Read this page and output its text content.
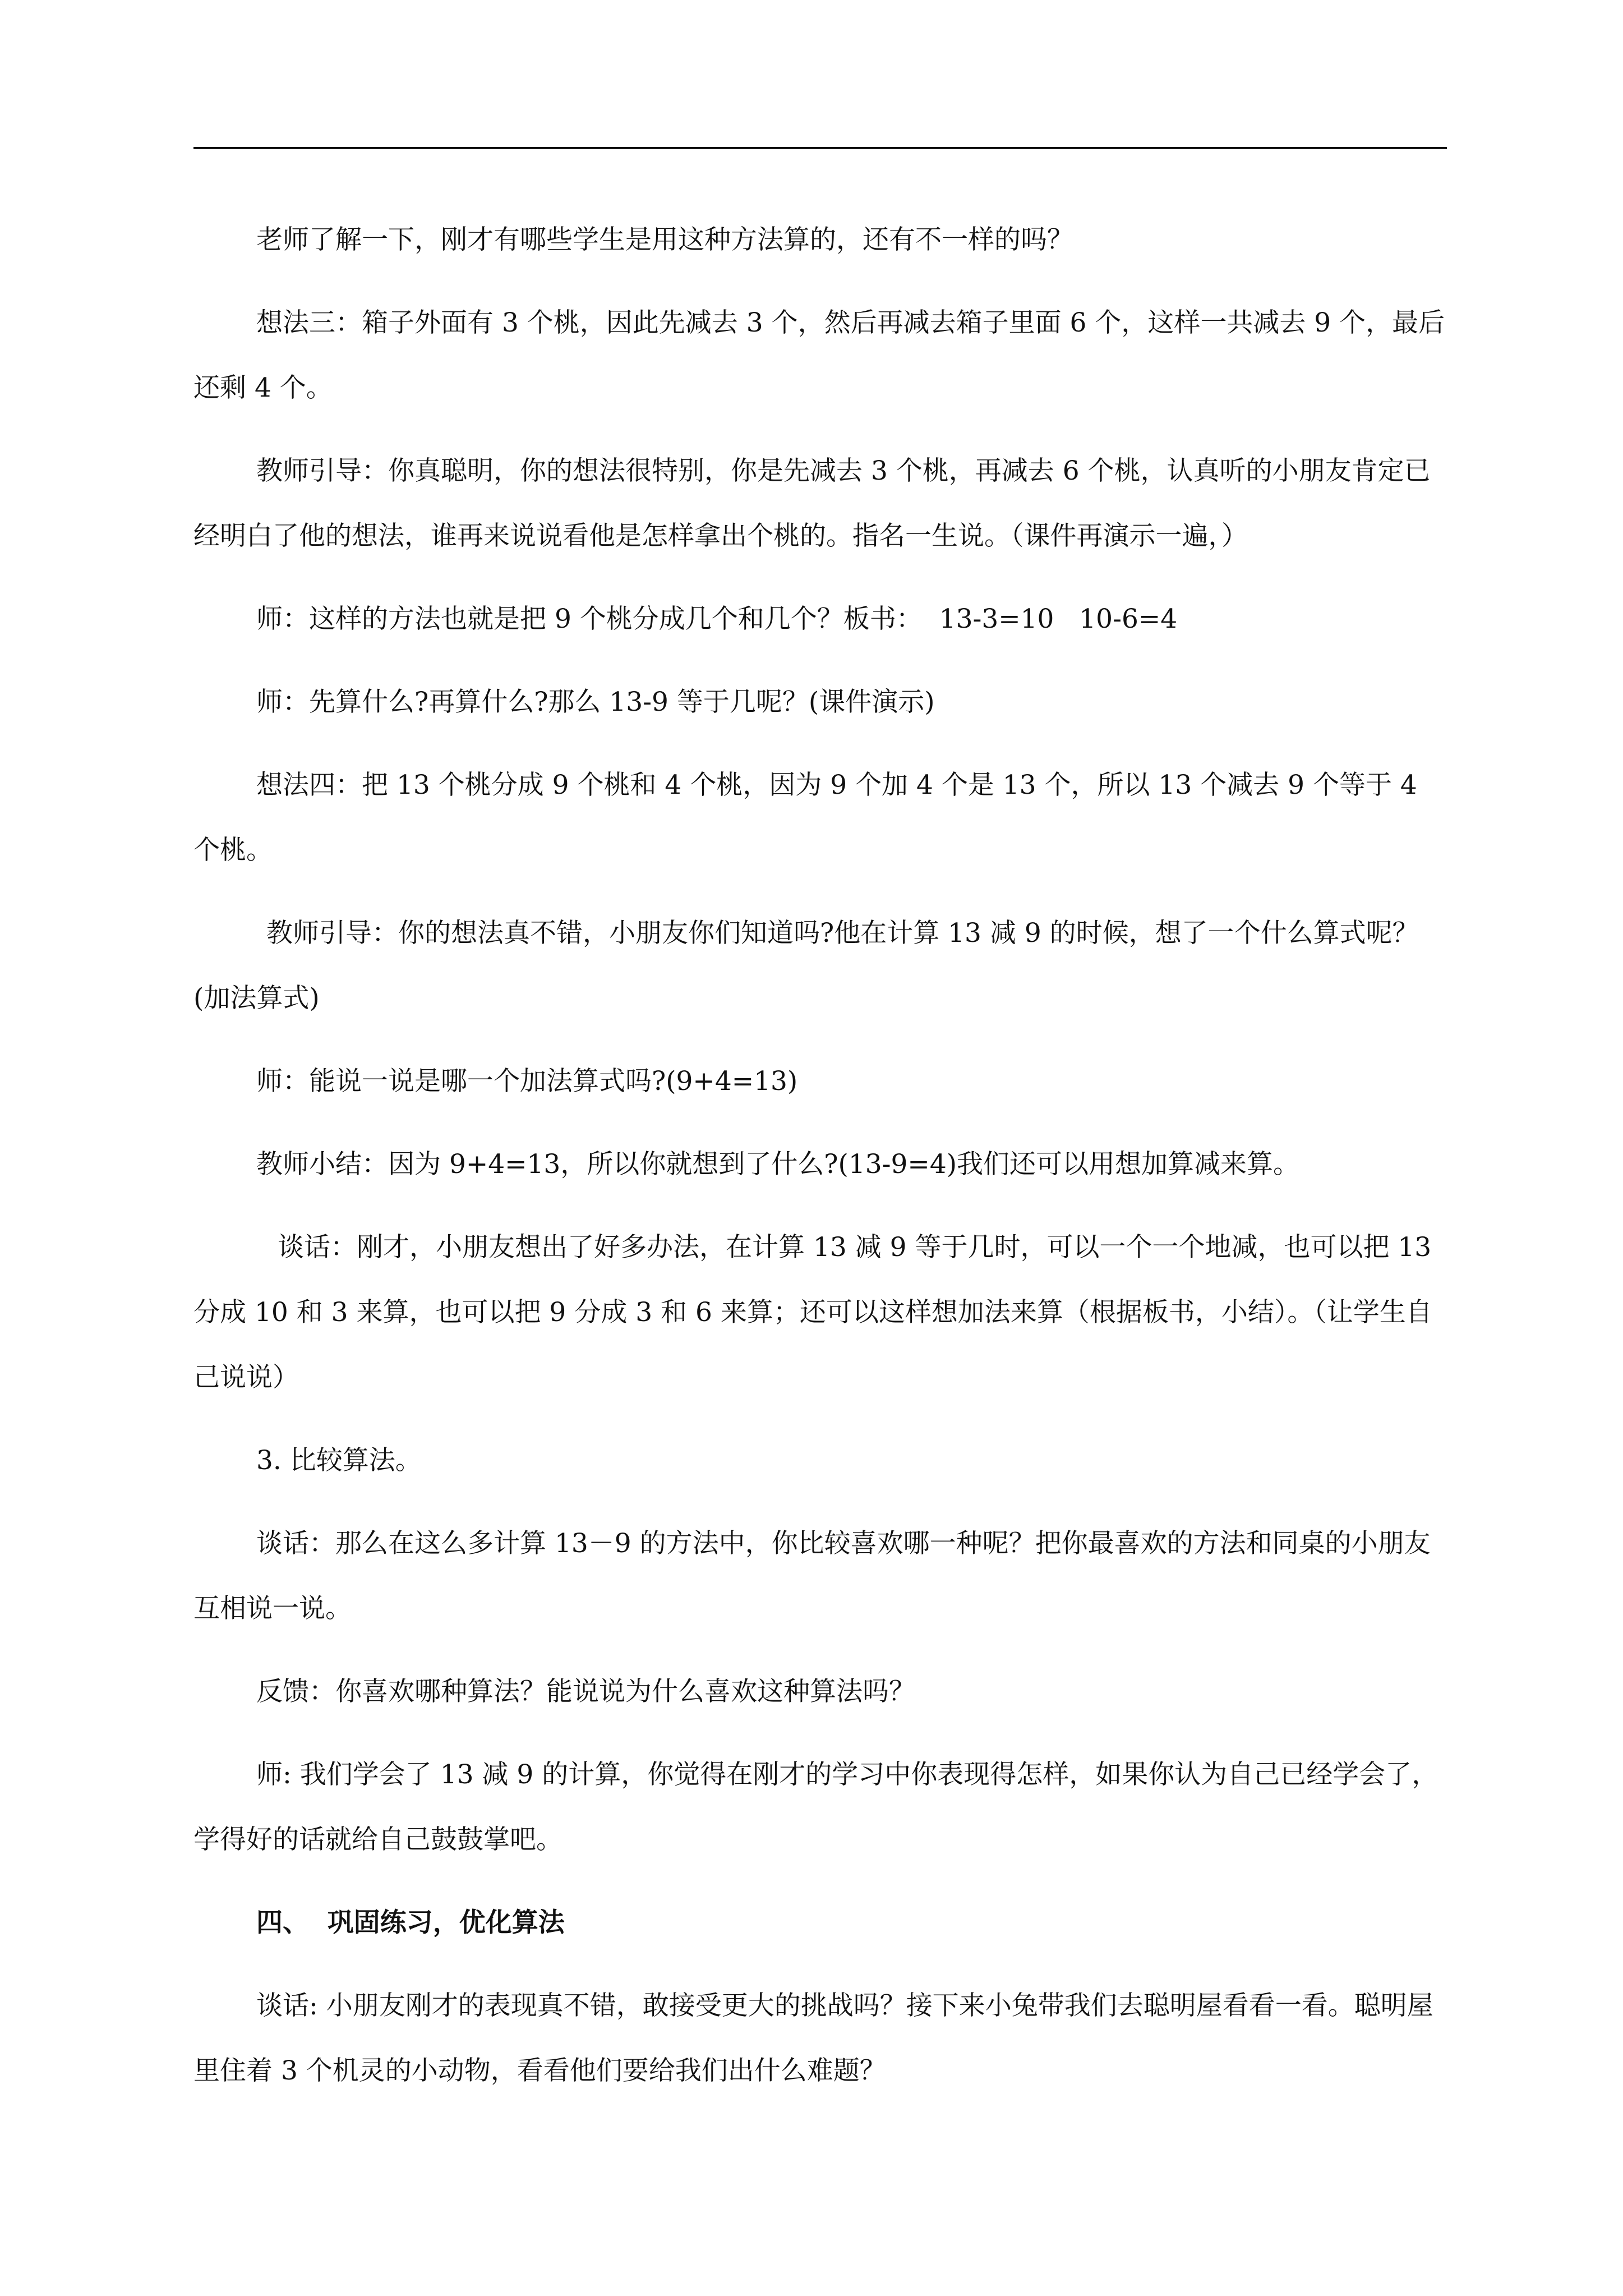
老师了解一下，刚才有哪些学生是用这种方法算的，还有不一样的吗？

想法三：箱子外面有 3 个桃，因此先减去 3 个，然后再减去箱子里面 6 个，这样一共减去 9 个，最后还剩 4 个。

教师引导：你真聪明，你的想法很特别，你是先减去 3 个桃，再减去 6 个桃，认真听的小朋友肯定已经明白了他的想法，谁再来说说看他是怎样拿出个桃的。指名一生说。（课件再演示一遍，）

师：这样的方法也就是把 9 个桃分成几个和几个？板书：  13-3=10   10-6=4

师：先算什么?再算什么?那么 13-9 等于几呢？(课件演示)

想法四：把 13 个桃分成 9 个桃和 4 个桃，因为 9 个加 4 个是 13 个，所以 13 个减去 9 个等于 4 个桃。

教师引导：你的想法真不错，小朋友你们知道吗?他在计算 13 减 9 的时候，想了一个什么算式呢？(加法算式)

师：能说一说是哪一个加法算式吗?(9+4=13)

教师小结：因为 9+4=13，所以你就想到了什么?(13-9=4)我们还可以用想加算减来算。

谈话：刚才，小朋友想出了好多办法，在计算 13 减 9 等于几时，可以一个一个地减，也可以把 13 分成 10 和 3 来算，也可以把 9 分成 3 和 6 来算；还可以这样想加法来算（根据板书，小结）。（让学生自己说说）

3. 比较算法。

谈话：那么在这么多计算 13－9 的方法中，你比较喜欢哪一种呢？把你最喜欢的方法和同桌的小朋友互相说一说。

反馈：你喜欢哪种算法？能说说为什么喜欢这种算法吗？

师: 我们学会了 13 减 9 的计算，你觉得在刚才的学习中你表现得怎样，如果你认为自己已经学会了，学得好的话就给自己鼓鼓掌吧。

四、  巩固练习，优化算法

谈话: 小朋友刚才的表现真不错，敢接受更大的挑战吗？接下来小兔带我们去聪明屋看看一看。聪明屋里住着 3 个机灵的小动物，看看他们要给我们出什么难题？
